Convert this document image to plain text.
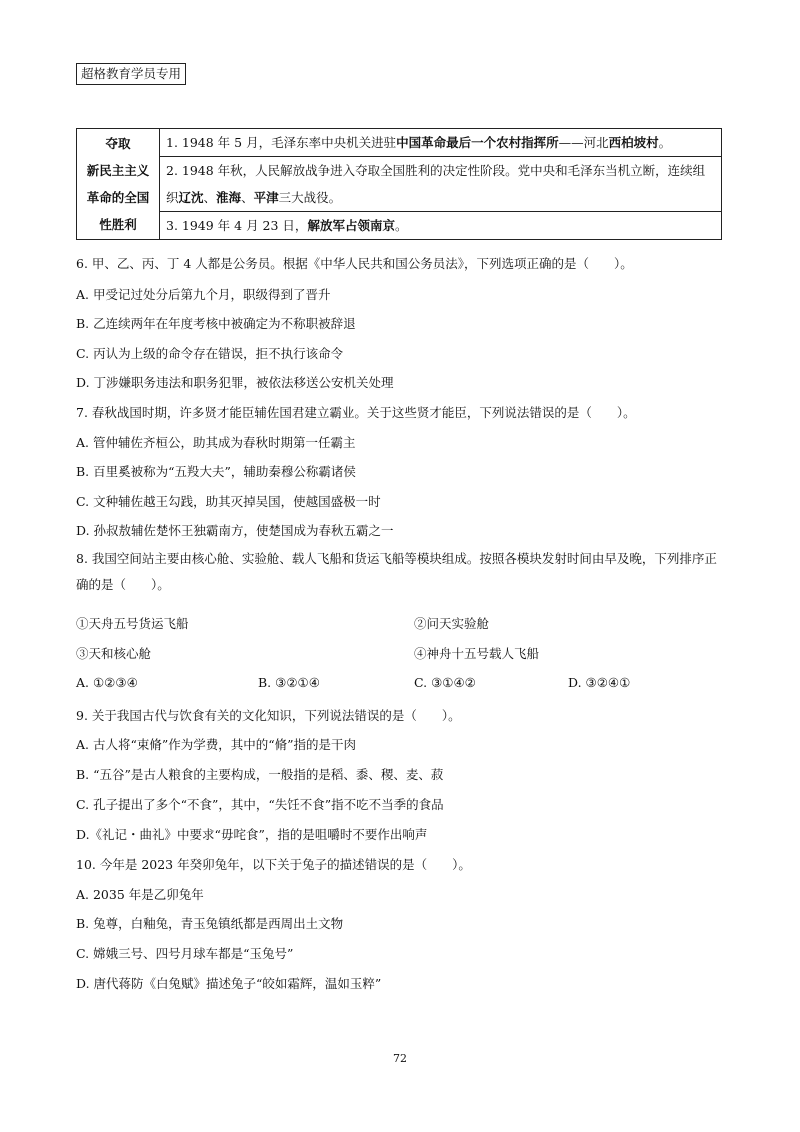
超格教育学员专用
夺取
新民主主义
革命的全国
性胜利
	1. 1948 年 5 月，毛泽东率中央机关进驻中国革命最后一个农村指挥所——河北西柏坡村。
2. 1948 年秋，人民解放战争进入夺取全国胜利的决定性阶段。党中央和毛泽东当机立断，连续组织辽沈、淮海、平津三大战役。
3. 1949 年 4 月 23 日，解放军占领南京。
6. 甲、乙、丙、丁 4 人都是公务员。根据《中华人民共和国公务员法》，下列选项正确的是（　　）。
A. 甲受记过处分后第九个月，职级得到了晋升
B. 乙连续两年在年度考核中被确定为不称职被辞退
C. 丙认为上级的命令存在错误，拒不执行该命令
D. 丁涉嫌职务违法和职务犯罪，被依法移送公安机关处理
7. 春秋战国时期，许多贤才能臣辅佐国君建立霸业。关于这些贤才能臣，下列说法错误的是（　　）。
A. 管仲辅佐齐桓公，助其成为春秋时期第一任霸主
B. 百里奚被称为“五羖大夫”，辅助秦穆公称霸诸侯
C. 文种辅佐越王勾践，助其灭掉吴国，使越国盛极一时
D. 孙叔敖辅佐楚怀王独霸南方，使楚国成为春秋五霸之一
8. 我国空间站主要由核心舱、实验舱、载人飞船和货运飞船等模块组成。按照各模块发射时间由早及晚，下列排序正确的是（　　）。
①天舟五号货运飞船	②问天实验舱
③天和核心舱	④神舟十五号载人飞船
A. ①②③④	B. ③②①④	C. ③①④②	D. ③②④①
9. 关于我国古代与饮食有关的文化知识，下列说法错误的是（　　）。
A. 古人将“束脩”作为学费，其中的“脩”指的是干肉
B. “五谷”是古人粮食的主要构成，一般指的是稻、黍、稷、麦、菽
C. 孔子提出了多个“不食”，其中，“失饪不食”指不吃不当季的食品
D.《礼记・曲礼》中要求“毋咤食”，指的是咀嚼时不要作出响声
10. 今年是 2023 年癸卯兔年，以下关于兔子的描述错误的是（　　）。
A. 2035 年是乙卯兔年
B. 兔尊，白釉兔，青玉兔镇纸都是西周出土文物
C. 嫦娥三号、四号月球车都是“玉兔号”
D. 唐代蒋防《白兔赋》描述兔子“皎如霜辉，温如玉粹”
72
